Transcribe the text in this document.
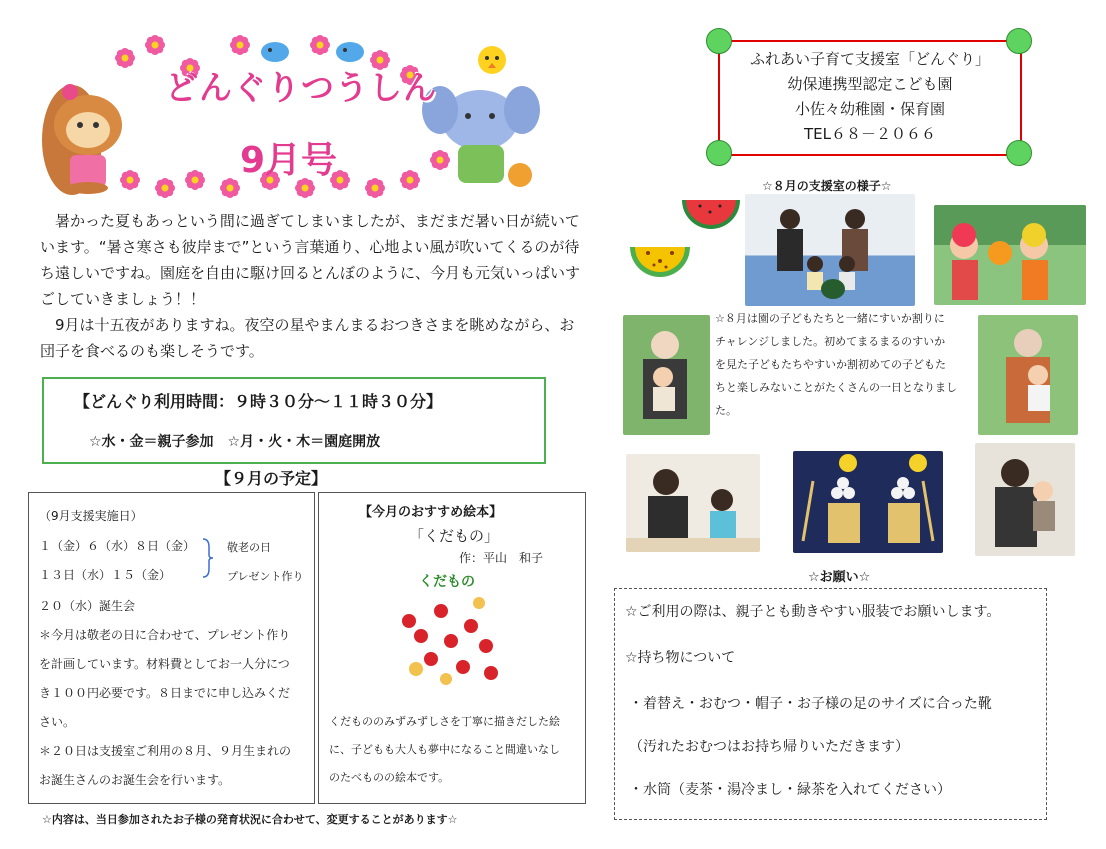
どんぐりつうしん
9月号

暑かった夏もあっという間に過ぎてしまいましたが、まだまだ暑い日が続いています。“暑さ寒さも彼岸まで”という言葉通り、心地よい風が吹いてくるのが待ち遠しいですね。園庭を自由に駆け回るとんぼのように、今月も元気いっぱいすごしていきましょう！！

9月は十五夜がありますね。夜空の星やまんまるおつきさまを眺めながら、お団子を食べるのも楽しそうです。

【どんぐり利用時間：９時３０分～１１時３０分】
☆水・金＝親子参加　☆月・火・木＝園庭開放
【９月の予定】
（9月支援実施日）
１（金）６（水）８日（金）
１３日（水）１５（金）
敬老の日
プレゼント作り
２０（水）誕生会
＊今月は敬老の日に合わせて、プレゼント作り
を計画しています。材料費としてお一人分につ
き１００円必要です。８日までに申し込みくだ
さい。
＊２０日は支援室ご利用の８月、９月生まれの
お誕生さんのお誕生会を行います。
【今月のおすすめ絵本】
「くだもの」
作：平山　和子
くだもの
くだもののみずみずしさを丁寧に描きだした絵
に、子どもも大人も夢中になること間違いなし
のたべものの絵本です。
☆内容は、当日参加されたお子様の発育状況に合わせて、変更することがあります☆
ふれあい子育て支援室「どんぐり」
幼保連携型認定こども園
小佐々幼稚園・保育園
TEL６８－２０６６
☆８月の支援室の様子☆
☆８月は園の子どもたちと一緒にすいか割りに
チャレンジしました。初めてまるまるのすいか
を見た子どもたちやすいか割初めての子どもた
ちと楽しみないことがたくさんの一日となりまし
た。
☆お願い☆
☆ご利用の際は、親子とも動きやすい服装でお願いします。
☆持ち物について
・着替え・おむつ・帽子・お子様の足のサイズに合った靴
（汚れたおむつはお持ち帰りいただきます）
・水筒（麦茶・湯冷まし・緑茶を入れてください）
